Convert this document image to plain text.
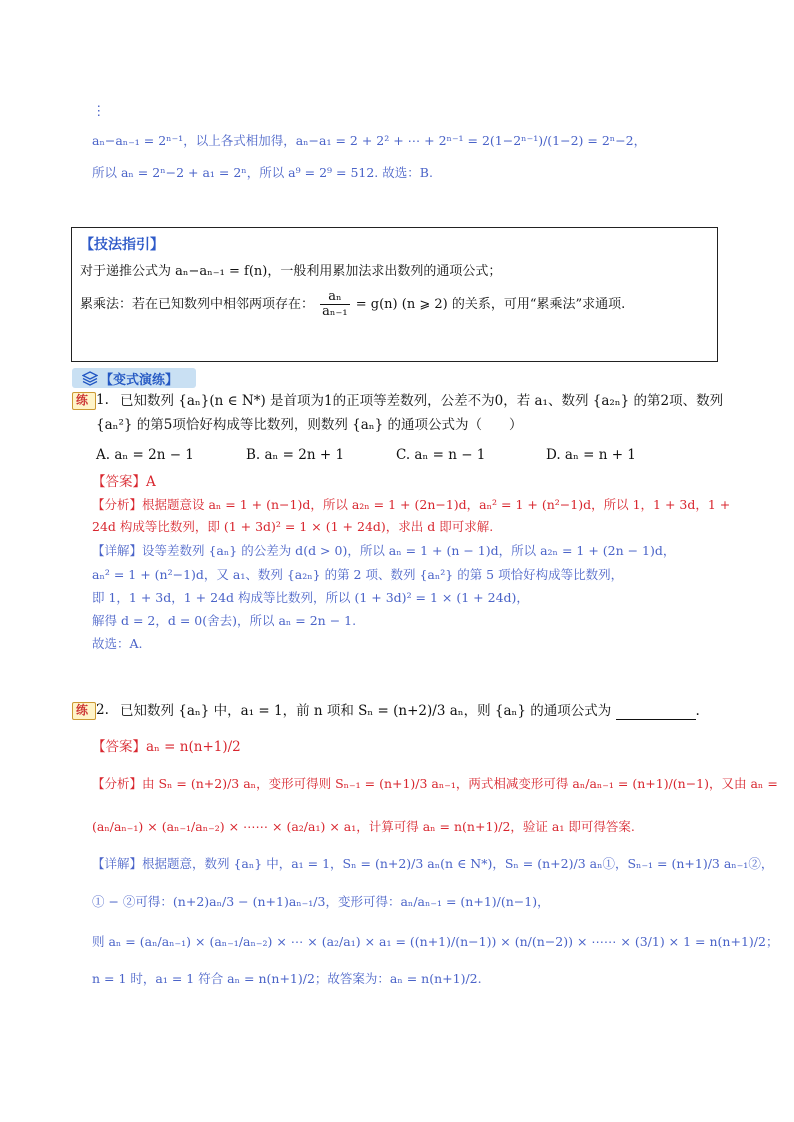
⋮
aₙ−aₙ₋₁ = 2ⁿ⁻¹，以上各式相加得，aₙ−a₁ = 2 + 2² + ⋯ + 2ⁿ⁻¹ = 2(1−2ⁿ⁻¹)/(1−2) = 2ⁿ−2，
所以 aₙ = 2ⁿ−2 + a₁ = 2ⁿ，所以 a⁹ = 2⁹ = 512. 故选：B.
【技法指引】
对于递推公式为 aₙ−aₙ₋₁ = f(n)，一般利用累加法求出数列的通项公式；
累乘法：若在已知数列中相邻两项存在： $\frac{\text{aₙ}}{\text{aₙ₋₁}} = g(n)$ (n ⩾ 2) 的关系，可用“累乘法”求通项.
【变式演练】
练 1. 已知数列 {aₙ}(n ∈ N*) 是首项为1的正项等差数列，公差不为0，若 a₁、数列 {a₂ₙ} 的第2项、数列
{aₙ²} 的第5项恰好构成等比数列，则数列 {aₙ} 的通项公式为（　　）
A. aₙ = 2n − 1	B. aₙ = 2n + 1	C. aₙ = n − 1	D. aₙ = n + 1
【答案】A
【分析】根据题意设 aₙ = 1 + (n−1)d，所以 a₂ₙ = 1 + (2n−1)d，aₙ² = 1 + (n²−1)d，所以 1，1 + 3d，1 +
24d 构成等比数列，即 (1 + 3d)² = 1 × (1 + 24d)，求出 d 即可求解.
【详解】设等差数列 {aₙ} 的公差为 d(d > 0)，所以 aₙ = 1 + (n − 1)d，所以 a₂ₙ = 1 + (2n − 1)d，
aₙ² = 1 + (n²−1)d，又 a₁、数列 {a₂ₙ} 的第 2 项、数列 {aₙ²} 的第 5 项恰好构成等比数列，
即 1，1 + 3d，1 + 24d 构成等比数列，所以 (1 + 3d)² = 1 × (1 + 24d)，
解得 d = 2，d = 0(舍去)，所以 aₙ = 2n − 1.
故选：A.
练 2. 已知数列 {aₙ} 中，a₁ = 1，前 n 项和 Sₙ = (n+2)/3 aₙ，则 {aₙ} 的通项公式为	.
【答案】aₙ = n(n+1)/2
【分析】由 Sₙ = (n+2)/3 aₙ，变形可得则 Sₙ₋₁ = (n+1)/3 aₙ₋₁，两式相减变形可得 aₙ/aₙ₋₁ = (n+1)/(n−1)，又由 aₙ =
(aₙ/aₙ₋₁) × (aₙ₋₁/aₙ₋₂) × ⋯⋯ × (a₂/a₁) × a₁，计算可得 aₙ = n(n+1)/2，验证 a₁ 即可得答案.
【详解】根据题意，数列 {aₙ} 中，a₁ = 1，Sₙ = (n+2)/3 aₙ(n ∈ N*)，Sₙ = (n+2)/3 aₙ①，Sₙ₋₁ = (n+1)/3 aₙ₋₁②，
① − ②可得：(n+2)aₙ/3 − (n+1)aₙ₋₁/3，变形可得：aₙ/aₙ₋₁ = (n+1)/(n−1)，
则 aₙ = (aₙ/aₙ₋₁) × (aₙ₋₁/aₙ₋₂) × ⋯ × (a₂/a₁) × a₁ = ((n+1)/(n−1)) × (n/(n−2)) × ⋯⋯ × (3/1) × 1 = n(n+1)/2；
n = 1 时，a₁ = 1 符合 aₙ = n(n+1)/2；故答案为：aₙ = n(n+1)/2.
